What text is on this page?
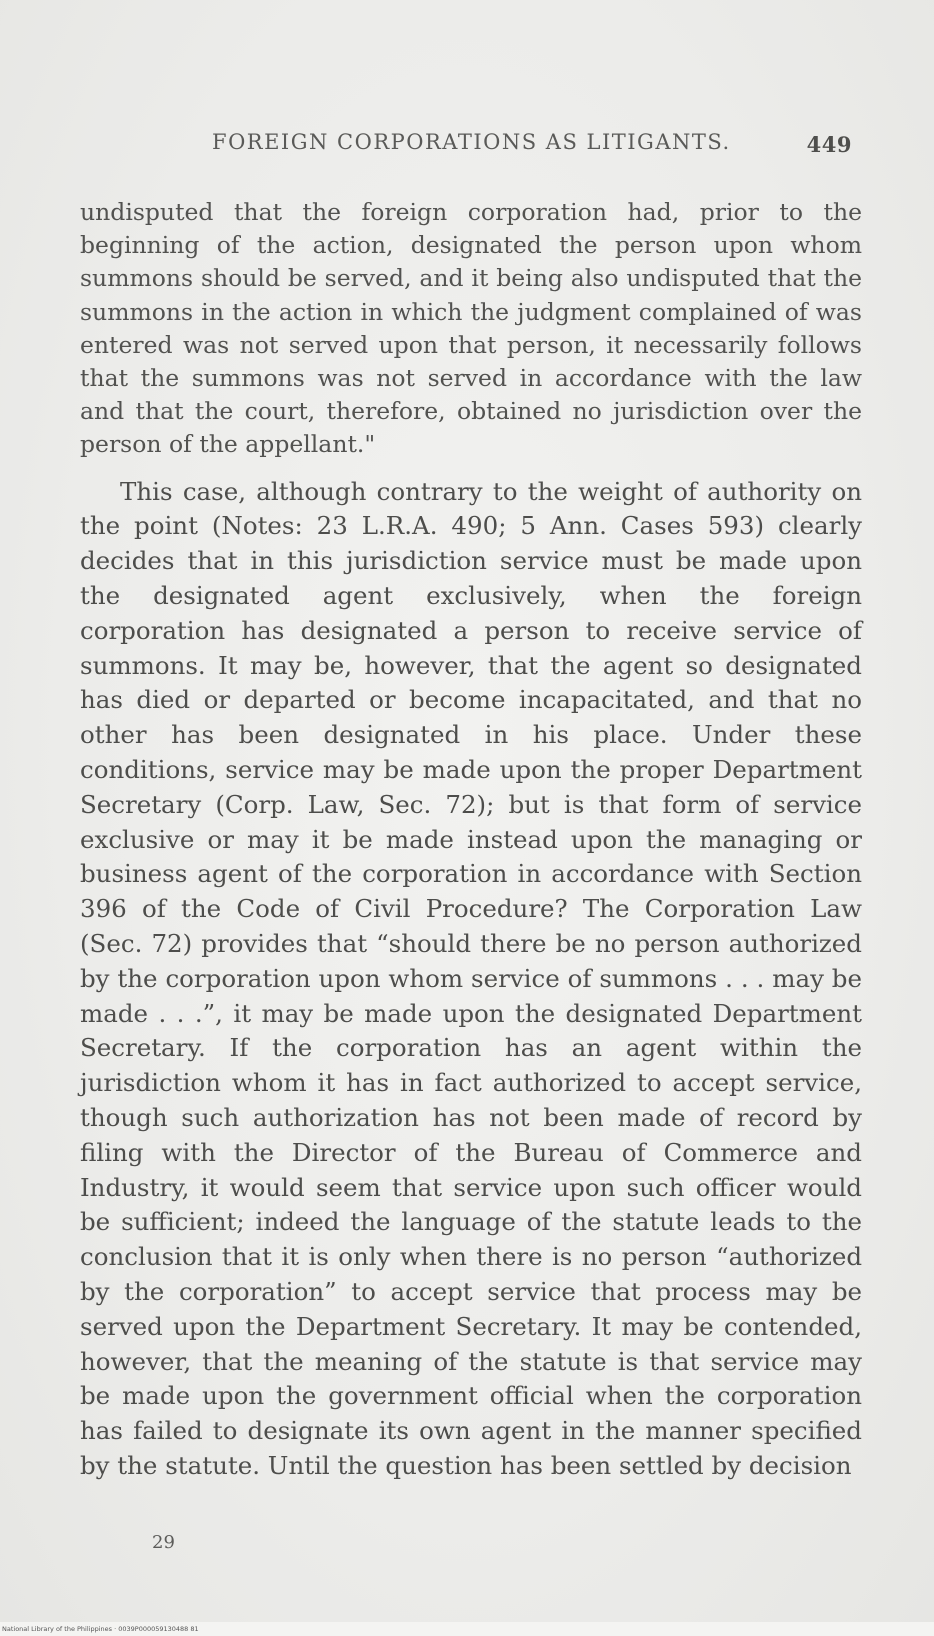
FOREIGN CORPORATIONS AS LITIGANTS.	449

undisputed that the foreign corporation had, prior to the beginning of the action, designated the person upon whom summons should be served, and it being also undisputed that the summons in the action in which the judgment complained of was entered was not served upon that person, it necessarily follows that the summons was not served in accordance with the law and that the court, therefore, obtained no jurisdiction over the person of the appellant."

This case, although contrary to the weight of authority on the point (Notes: 23 L.R.A. 490; 5 Ann. Cases 593) clearly decides that in this jurisdiction service must be made upon the designated agent exclusively, when the foreign corporation has designated a person to receive service of summons. It may be, however, that the agent so designated has died or departed or become incapacitated, and that no other has been designated in his place. Under these conditions, service may be made upon the proper Department Secretary (Corp. Law, Sec. 72); but is that form of service exclusive or may it be made instead upon the managing or business agent of the corporation in accordance with Section 396 of the Code of Civil Procedure? The Corporation Law (Sec. 72) provides that “should there be no person authorized by the corporation upon whom service of summons . . . may be made . . .”, it may be made upon the designated Department Secretary. If the corporation has an agent within the jurisdiction whom it has in fact authorized to accept service, though such authorization has not been made of record by filing with the Director of the Bureau of Commerce and Industry, it would seem that service upon such officer would be sufficient; indeed the language of the statute leads to the conclusion that it is only when there is no person “authorized by the corporation” to accept service that process may be served upon the Department Secretary. It may be contended, however, that the meaning of the statute is that service may be made upon the government official when the corporation has failed to designate its own agent in the manner specified by the statute. Until the question has been settled by decision

29
National Library of the Philippines · 0039P000059130488 81
